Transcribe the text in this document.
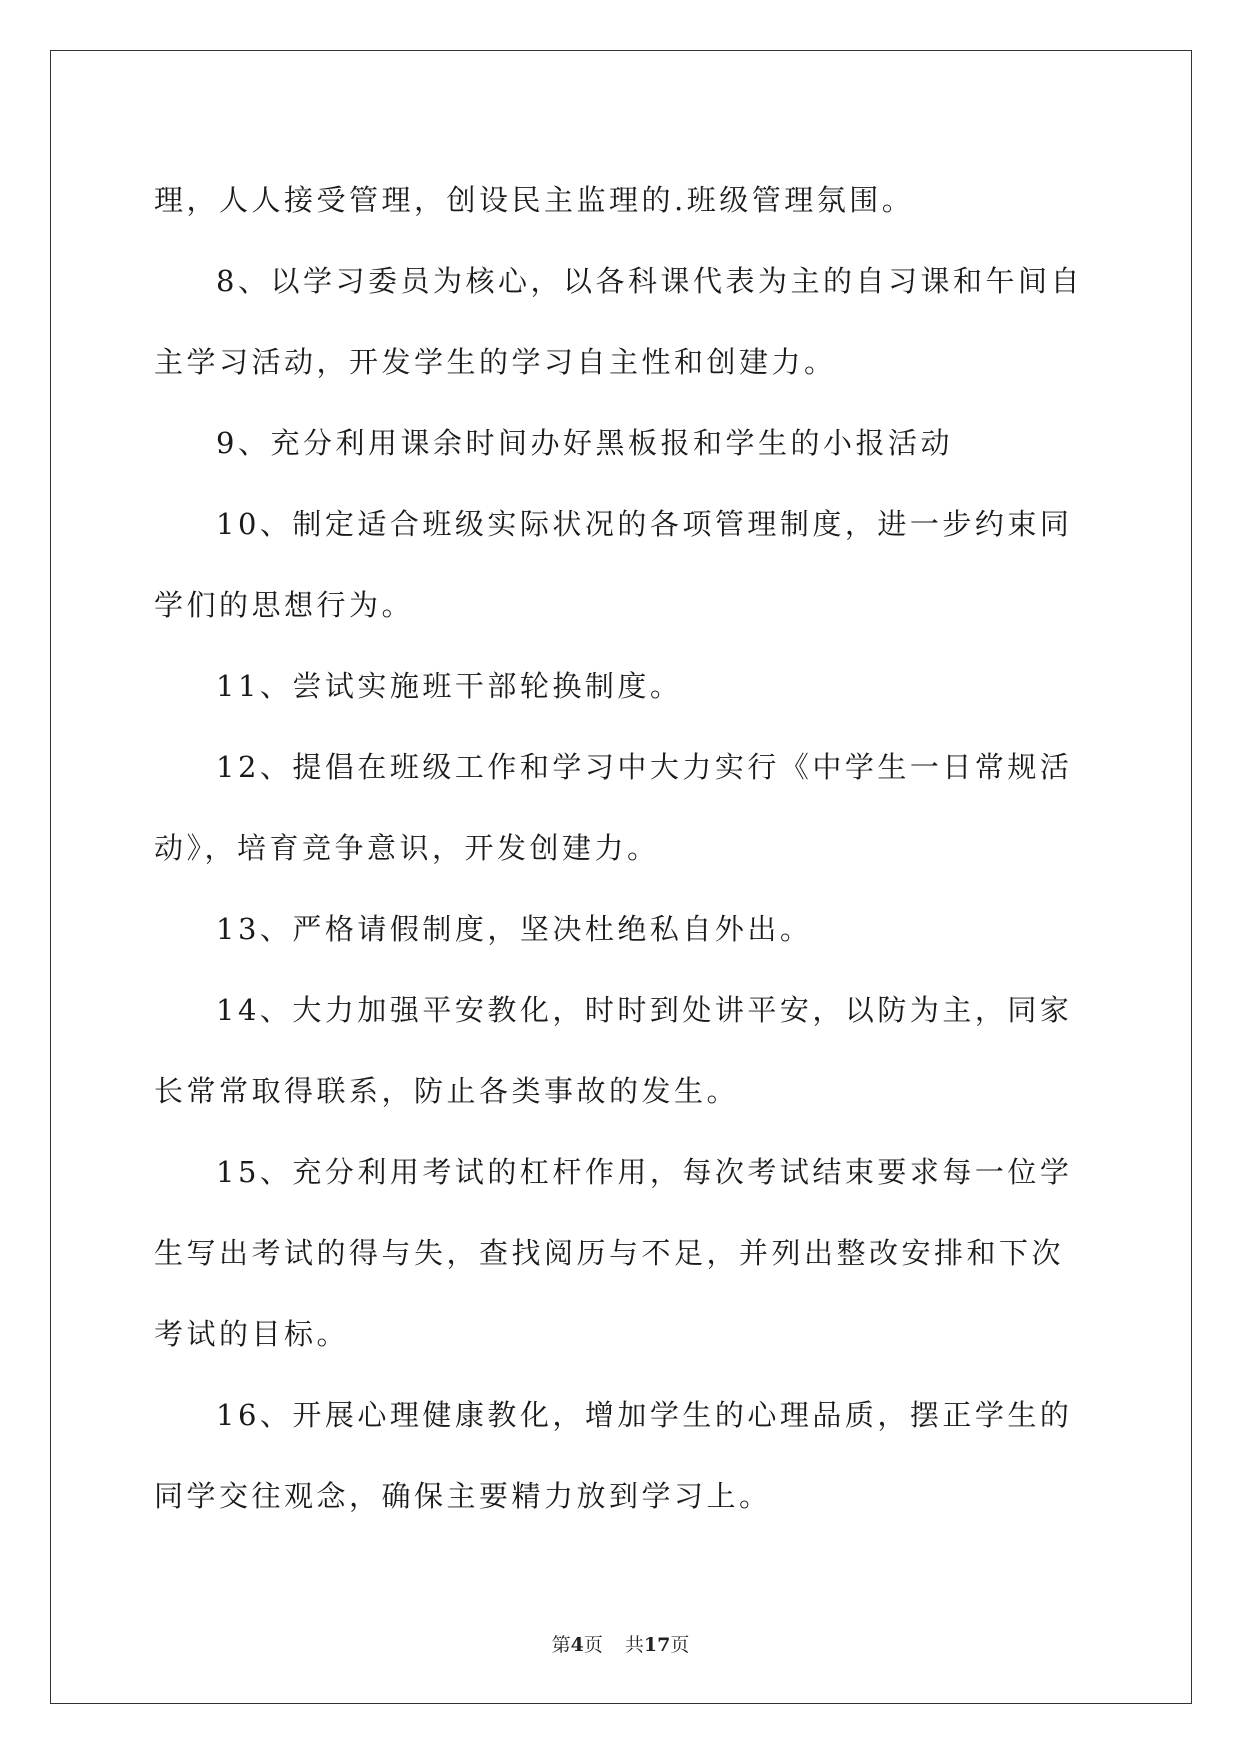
理，人人接受管理，创设民主监理的.班级管理氛围。

8、以学习委员为核心，以各科课代表为主的自习课和午间自主学习活动，开发学生的学习自主性和创建力。

9、充分利用课余时间办好黑板报和学生的小报活动

10、制定适合班级实际状况的各项管理制度，进一步约束同学们的思想行为。

11、尝试实施班干部轮换制度。

12、提倡在班级工作和学习中大力实行《中学生一日常规活动》，培育竞争意识，开发创建力。

13、严格请假制度，坚决杜绝私自外出。

14、大力加强平安教化，时时到处讲平安，以防为主，同家长常常取得联系，防止各类事故的发生。

15、充分利用考试的杠杆作用，每次考试结束要求每一位学生写出考试的得与失，查找阅历与不足，并列出整改安排和下次考试的目标。

16、开展心理健康教化，增加学生的心理品质，摆正学生的同学交往观念，确保主要精力放到学习上。

第4页 共17页
